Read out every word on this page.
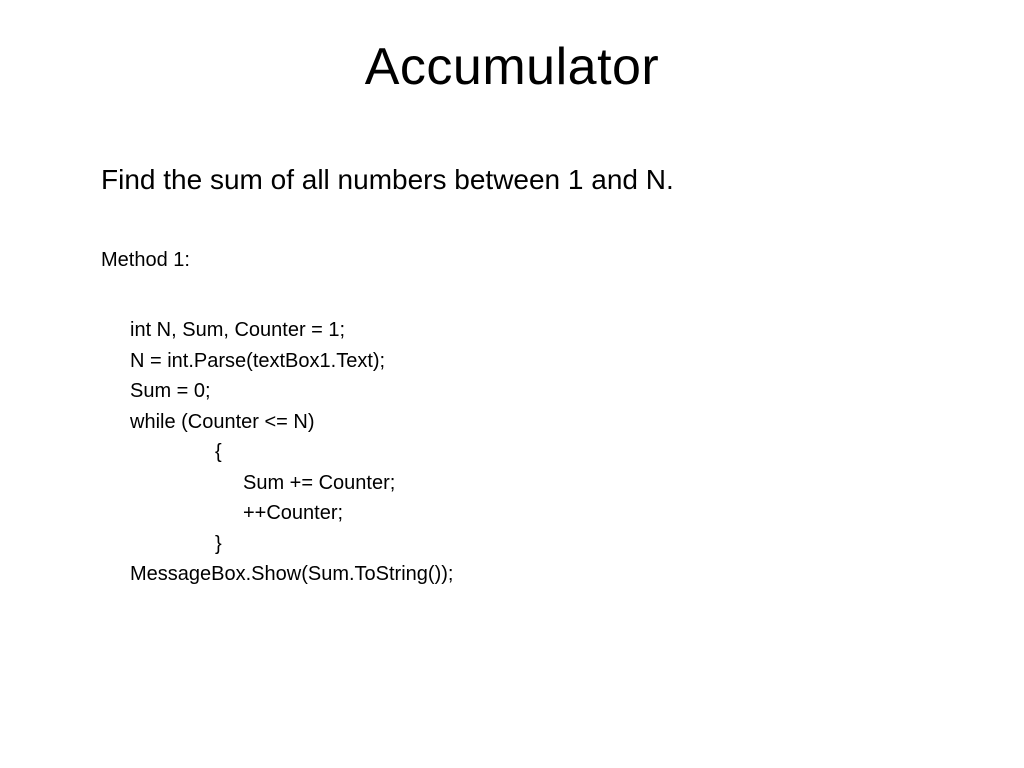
Accumulator
Find the sum of all numbers between 1 and N.
Method 1:
int N, Sum, Counter = 1;
N = int.Parse(textBox1.Text);
Sum = 0;
while (Counter <= N)
{
Sum += Counter;
++Counter;
}
MessageBox.Show(Sum.ToString());
